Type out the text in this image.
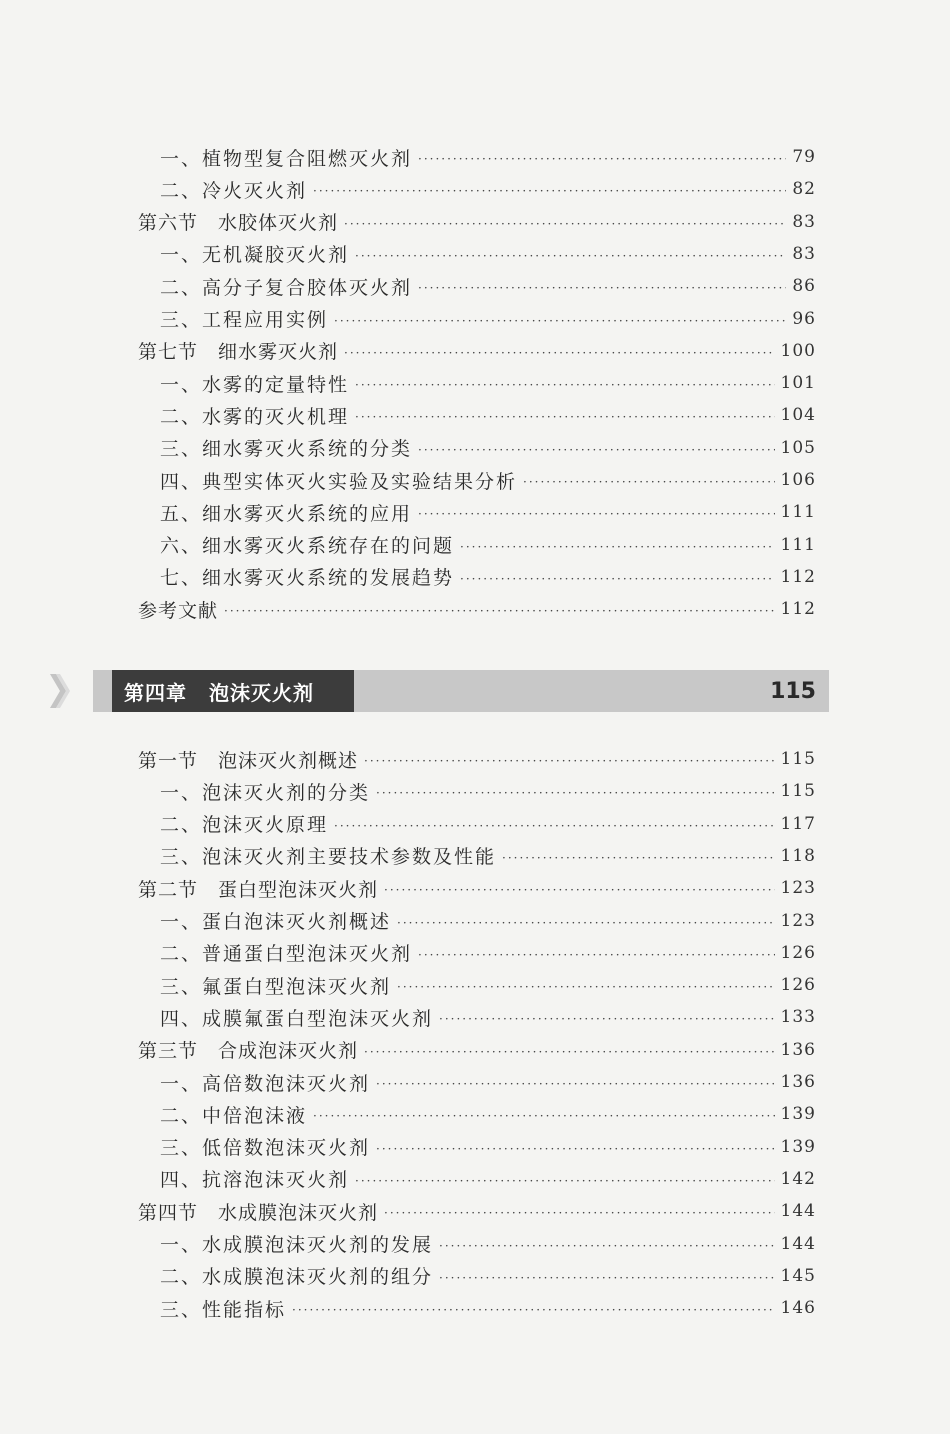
一、植物型复合阻燃灭火剂 ·····	79
二、冷火灭火剂 ·····	82
第六节　水胶体灭火剂 ·····	83
一、无机凝胶灭火剂 ·····	83
二、高分子复合胶体灭火剂 ·····	86
三、工程应用实例 ·····	96
第七节　细水雾灭火剂 ·····	100
一、水雾的定量特性 ·····	101
二、水雾的灭火机理 ·····	104
三、细水雾灭火系统的分类 ·····	105
四、典型实体灭火实验及实验结果分析 ·····	106
五、细水雾灭火系统的应用 ·····	111
六、细水雾灭火系统存在的问题 ·····	111
七、细水雾灭火系统的发展趋势 ·····	112
参考文献 ·····	112
第四章 泡沫灭火剂	115
第一节　泡沫灭火剂概述 ·····	115
一、泡沫灭火剂的分类 ·····	115
二、泡沫灭火原理 ·····	117
三、泡沫灭火剂主要技术参数及性能 ·····	118
第二节　蛋白型泡沫灭火剂 ·····	123
一、蛋白泡沫灭火剂概述 ·····	123
二、普通蛋白型泡沫灭火剂 ·····	126
三、氟蛋白型泡沫灭火剂 ·····	126
四、成膜氟蛋白型泡沫灭火剂 ·····	133
第三节　合成泡沫灭火剂 ·····	136
一、高倍数泡沫灭火剂 ·····	136
二、中倍泡沫液 ·····	139
三、低倍数泡沫灭火剂 ·····	139
四、抗溶泡沫灭火剂 ·····	142
第四节　水成膜泡沫灭火剂 ·····	144
一、水成膜泡沫灭火剂的发展 ·····	144
二、水成膜泡沫灭火剂的组分 ·····	145
三、性能指标 ·····	146
